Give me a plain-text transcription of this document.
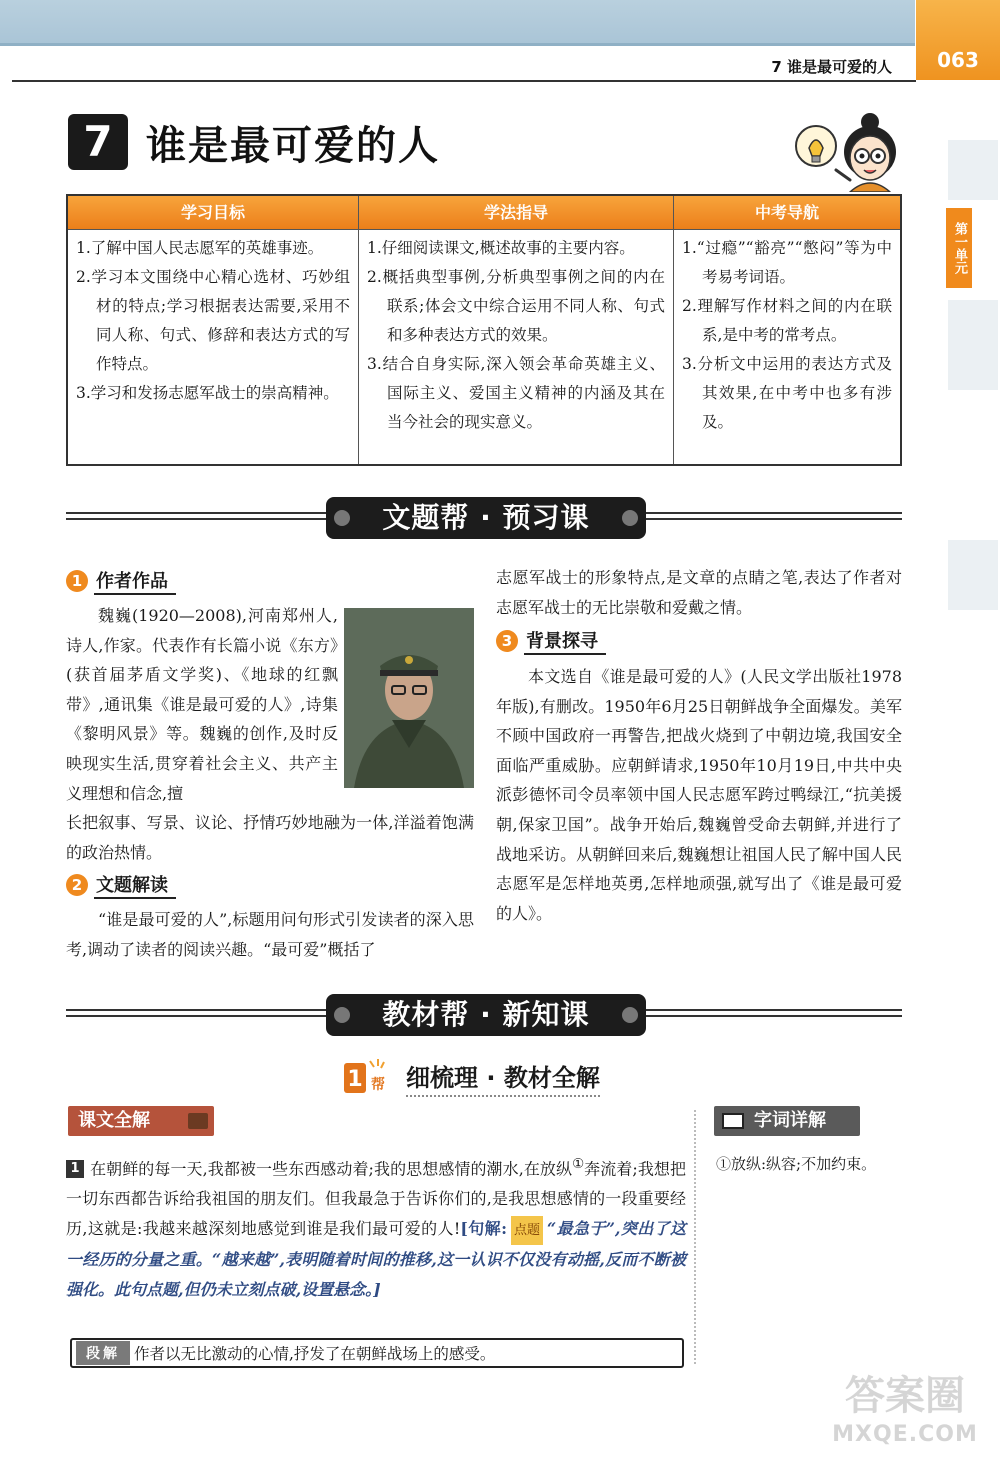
063
7 谁是最可爱的人
第一单元
7 谁是最可爱的人
学习目标
1.了解中国人民志愿军的英雄事迹。
2.学习本文围绕中心精心选材、巧妙组材的特点;学习根据表达需要,采用不同人称、句式、修辞和表达方式的写作特点。
3.学习和发扬志愿军战士的崇高精神。
学法指导
1.仔细阅读课文,概述故事的主要内容。
2.概括典型事例,分析典型事例之间的内在联系;体会文中综合运用不同人称、句式和多种表达方式的效果。
3.结合自身实际,深入领会革命英雄主义、国际主义、爱国主义精神的内涵及其在当今社会的现实意义。
中考导航
1.“过瘾”“豁亮”“憋闷”等为中考易考词语。
2.理解写作材料之间的内在联系,是中考的常考点。
3.分析文中运用的表达方式及其效果,在中考中也多有涉及。
文题帮 · 预习课
1 作者作品
魏巍(1920—2008),河南郑州人,诗人,作家。代表作有长篇小说《东方》(获首届茅盾文学奖)、《地球的红飘带》,通讯集《谁是最可爱的人》,诗集《黎明风景》等。魏巍的创作,及时反映现实生活,贯穿着社会主义、共产主义理想和信念,擅
长把叙事、写景、议论、抒情巧妙地融为一体,洋溢着饱满的政治热情。
2 文题解读
“谁是最可爱的人”,标题用问句形式引发读者的深入思考,调动了读者的阅读兴趣。“最可爱”概括了
志愿军战士的形象特点,是文章的点睛之笔,表达了作者对志愿军战士的无比崇敬和爱戴之情。
3 背景探寻
本文选自《谁是最可爱的人》(人民文学出版社1978年版),有删改。1950年6月25日朝鲜战争全面爆发。美军不顾中国政府一再警告,把战火烧到了中朝边境,我国安全面临严重威胁。应朝鲜请求,1950年10月19日,中共中央派彭德怀司令员率领中国人民志愿军跨过鸭绿江,“抗美援朝,保家卫国”。战争开始后,魏巍曾受命去朝鲜,并进行了战地采访。从朝鲜回来后,魏巍想让祖国人民了解中国人民志愿军是怎样地英勇,怎样地顽强,就写出了《谁是最可爱的人》。
教材帮 · 新知课
1 帮 细梳理 · 教材全解
课文全解	字词详解
1 在朝鲜的每一天,我都被一些东西感动着;我的思想感情的潮水,在放纵①奔流着;我想把一切东西都告诉给我祖国的朋友们。但我最急于告诉你们的,是我思想感情的一段重要经历,这就是:我越来越深刻地感觉到谁是我们最可爱的人![句解: 点题 “最急于”,突出了这一经历的分量之重。“越来越”,表明随着时间的推移,这一认识不仅没有动摇,反而不断被强化。此句点题,但仍未立刻点破,设置悬念。]
段解 作者以无比激动的心情,抒发了在朝鲜战场上的感受。
①放纵:纵容;不加约束。
答案圈
MXQE.COM
